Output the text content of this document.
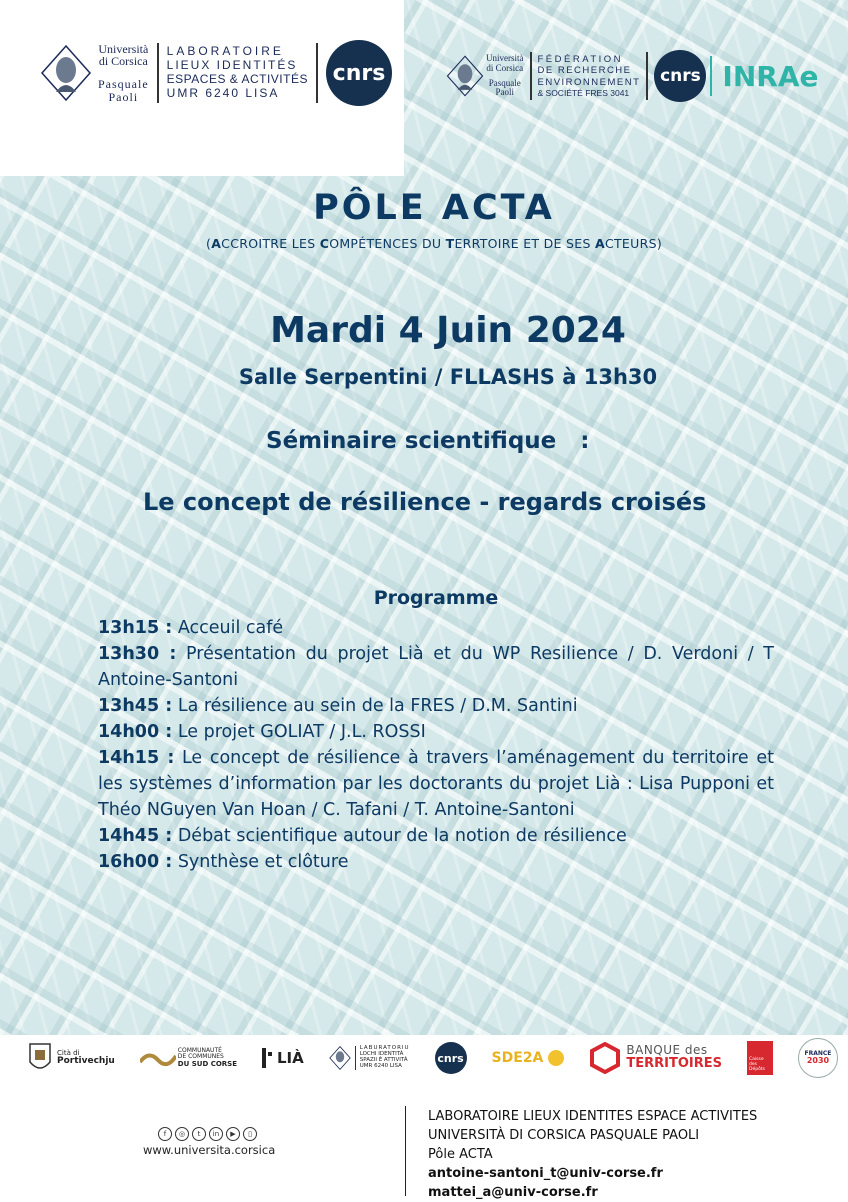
Università
di Corsica
Pasquale
Paoli
LABORATOIRE
LIEUX IDENTITÉS
ESPACES & ACTIVITÉS
UMR 6240 LISA
cnrs
Università
di Corsica
Pasquale
Paoli
FÉDÉRATION
DE RECHERCHE
ENVIRONNEMENT
& SOCIÉTÉ FRES 3041
cnrs INRAe
PÔLE ACTA
(ACCROITRE LES COMPÉTENCES DU TERRTOIRE ET DE SES ACTEURS)
Mardi 4 Juin 2024
Salle Serpentini / FLLASHS à 13h30
Séminaire scientifique   :
Le concept de résilience - regards croisés
Programme
13h15 : Acceuil café
13h30 : Présentation du projet Lià et du WP Resilience / D. Verdoni / T Antoine-Santoni
13h45 : La résilience au sein de la FRES / D.M. Santini
14h00 : Le projet GOLIAT / J.L. ROSSI
14h15 : Le concept de résilience à travers l’aménagement du territoire et les systèmes d’information par les doctorants du projet Lià : Lisa Pupponi et Théo NGuyen Van Hoan / C. Tafani / T. Antoine-Santoni
14h45 : Débat scientifique autour de la notion de résilience
16h00 : Synthèse et clôture
Cità di
Portivechju
COMMUNAUTÉ
DE COMMUNES
DU SUD CORSE	LIÀ
LABURATORIU
LOCHI IDENTITÀ
SPAZII È ATTIVITÀ
UMR 6240 LISA
cnrs SDE2A	BANQUE des
TERRITOIRES	Caisse
des Dépôts
FRANCE
2030
f	◎	t	in	▶	▯
www.universita.corsica
LABORATOIRE LIEUX IDENTITES ESPACE ACTIVITES
UNIVERSITÀ DI CORSICA PASQUALE PAOLI
Pôle ACTA
antoine-santoni_t@univ-corse.fr
mattei_a@univ-corse.fr
